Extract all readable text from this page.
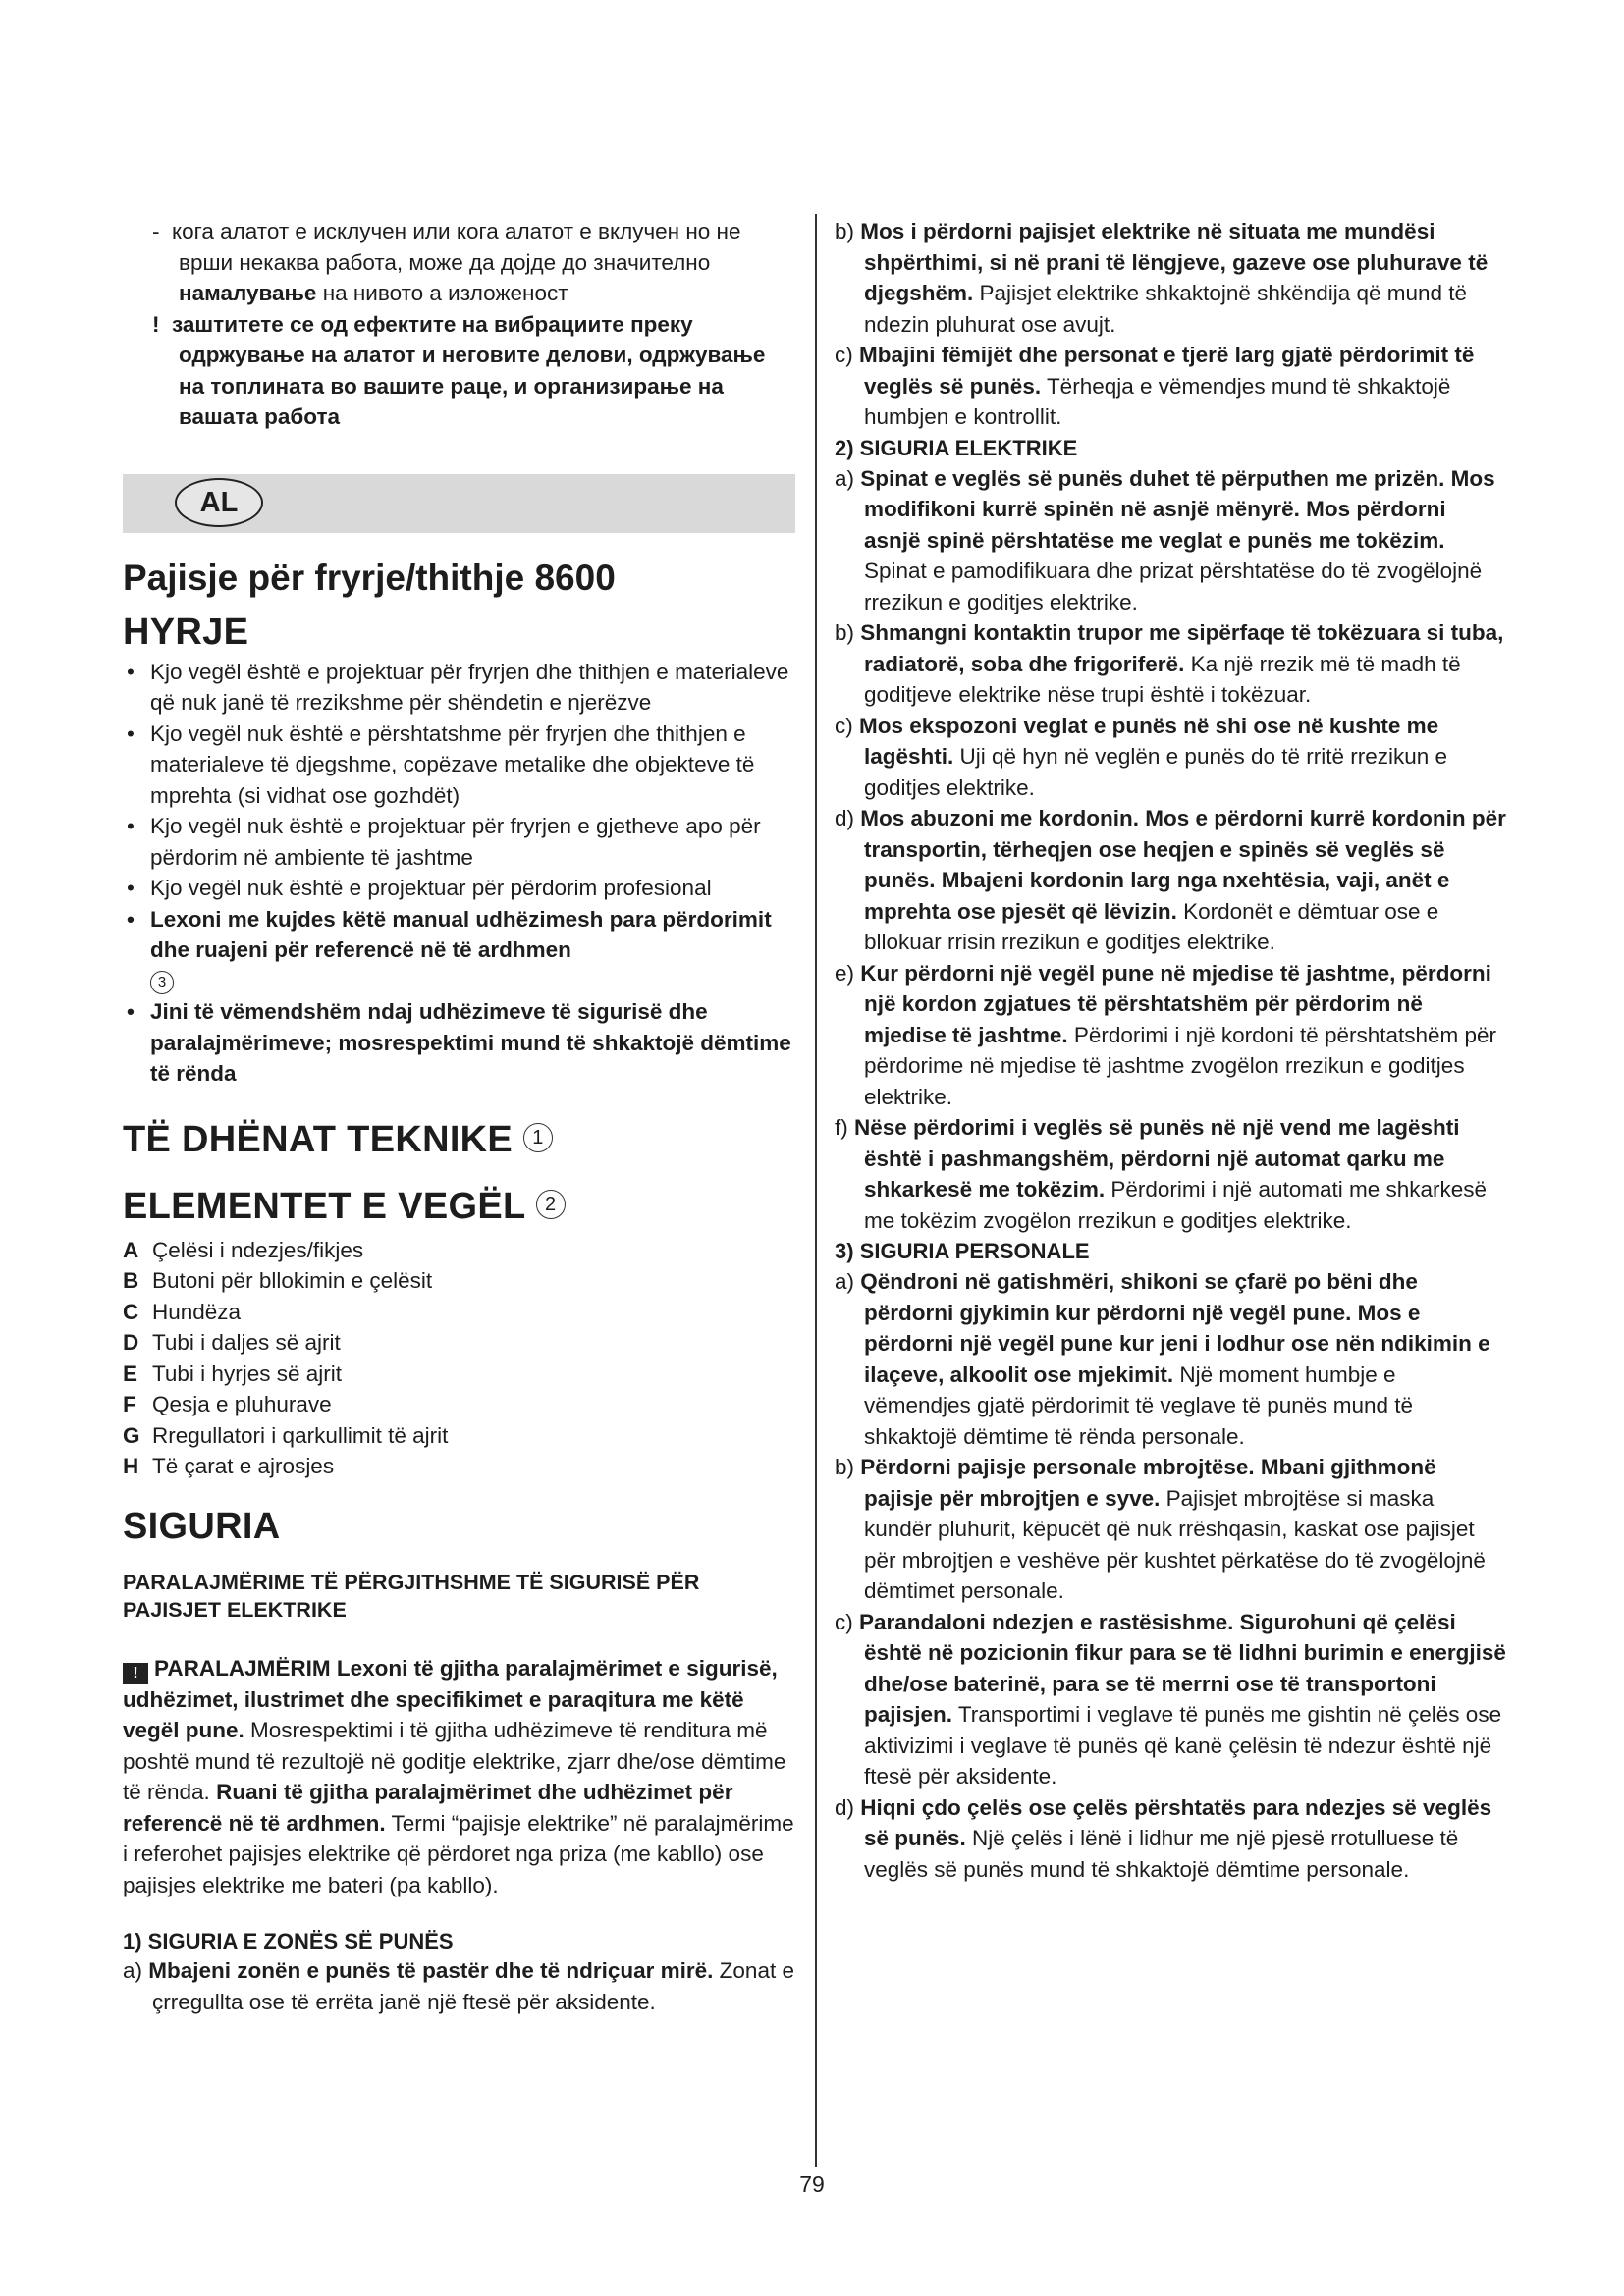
- кога алатот е исклучен или кога алатот е вклучен но не врши некаква работа, може да дојде до значително намалување на нивото а изложеност

! заштитете се од ефектите на вибрациите преку одржување на алатот и неговите делови, одржување на топлината во вашите раце, и организирање на вашата работа

AL
Pajisje për fryrje/thithje 8600
HYRJE
• Kjo vegël është e projektuar për fryrjen dhe thithjen e materialeve që nuk janë të rrezikshme për shëndetin e njerëzve
• Kjo vegël nuk është e përshtatshme për fryrjen dhe thithjen e materialeve të djegshme, copëzave metalike dhe objekteve të mprehta (si vidhat ose gozhdët)
• Kjo vegël nuk është e projektuar për fryrjen e gjetheve apo për përdorim në ambiente të jashtme
• Kjo vegël nuk është e projektuar për përdorim profesional
• Lexoni me kujdes këtë manual udhëzimesh para përdorimit dhe ruajeni për referencë në të ardhmen
3
• Jini të vëmendshëm ndaj udhëzimeve të sigurisë dhe paralajmërimeve; mosrespektimi mund të shkaktojë dëmtime të rënda
TË DHËNAT TEKNIKE 1
ELEMENTET E VEGËL 2
A Çelësi i ndezjes/fikjes
B Butoni për bllokimin e çelësit
C Hundëza
D Tubi i daljes së ajrit
E Tubi i hyrjes së ajrit
F Qesja e pluhurave
G Rregullatori i qarkullimit të ajrit
H Të çarat e ajrosjes
SIGURIA
PARALAJMËRIME TË PËRGJITHSHME TË SIGURISË PËR PAJISJET ELEKTRIKE

! PARALAJMËRIM Lexoni të gjitha paralajmërimet e sigurisë, udhëzimet, ilustrimet dhe specifikimet e paraqitura me këtë vegël pune. Mosrespektimi i të gjitha udhëzimeve të renditura më poshtë mund të rezultojë në goditje elektrike, zjarr dhe/ose dëmtime të rënda. Ruani të gjitha paralajmërimet dhe udhëzimet për referencë në të ardhmen. Termi “pajisje elektrike” në paralajmërime i referohet pajisjes elektrike që përdoret nga priza (me kabllo) ose pajisjes elektrike me bateri (pa kabllo).

1) SIGURIA E ZONËS SË PUNËS

a) Mbajeni zonën e punës të pastër dhe të ndriçuar mirë. Zonat e çrregullta ose të errëta janë një ftesë për aksidente.

b) Mos i përdorni pajisjet elektrike në situata me mundësi shpërthimi, si në prani të lëngjeve, gazeve ose pluhurave të djegshëm. Pajisjet elektrike shkaktojnë shkëndija që mund të ndezin pluhurat ose avujt.

c) Mbajini fëmijët dhe personat e tjerë larg gjatë përdorimit të veglës së punës. Tërheqja e vëmendjes mund të shkaktojë humbjen e kontrollit.

2) SIGURIA ELEKTRIKE

a) Spinat e veglës së punës duhet të përputhen me prizën. Mos modifikoni kurrë spinën në asnjë mënyrë. Mos përdorni asnjë spinë përshtatëse me veglat e punës me tokëzim. Spinat e pamodifikuara dhe prizat përshtatëse do të zvogëlojnë rrezikun e goditjes elektrike.

b) Shmangni kontaktin trupor me sipërfaqe të tokëzuara si tuba, radiatorë, soba dhe frigoriferë. Ka një rrezik më të madh të goditjeve elektrike nëse trupi është i tokëzuar.

c) Mos ekspozoni veglat e punës në shi ose në kushte me lagështi. Uji që hyn në veglën e punës do të rritë rrezikun e goditjes elektrike.

d) Mos abuzoni me kordonin. Mos e përdorni kurrë kordonin për transportin, tërheqjen ose heqjen e spinës së veglës së punës. Mbajeni kordonin larg nga nxehtësia, vaji, anët e mprehta ose pjesët që lëvizin. Kordonët e dëmtuar ose e bllokuar rrisin rrezikun e goditjes elektrike.

e) Kur përdorni një vegël pune në mjedise të jashtme, përdorni një kordon zgjatues të përshtatshëm për përdorim në mjedise të jashtme. Përdorimi i një kordoni të përshtatshëm për përdorime në mjedise të jashtme zvogëlon rrezikun e goditjes elektrike.

f) Nëse përdorimi i veglës së punës në një vend me lagështi është i pashmangshëm, përdorni një automat qarku me shkarkesë me tokëzim. Përdorimi i një automati me shkarkesë me tokëzim zvogëlon rrezikun e goditjes elektrike.

3) SIGURIA PERSONALE

a) Qëndroni në gatishmëri, shikoni se çfarë po bëni dhe përdorni gjykimin kur përdorni një vegël pune. Mos e përdorni një vegël pune kur jeni i lodhur ose nën ndikimin e ilaçeve, alkoolit ose mjekimit. Një moment humbje e vëmendjes gjatë përdorimit të veglave të punës mund të shkaktojë dëmtime të rënda personale.

b) Përdorni pajisje personale mbrojtëse. Mbani gjithmonë pajisje për mbrojtjen e syve. Pajisjet mbrojtëse si maska kundër pluhurit, këpucët që nuk rrëshqasin, kaskat ose pajisjet për mbrojtjen e veshëve për kushtet përkatëse do të zvogëlojnë dëmtimet personale.

c) Parandaloni ndezjen e rastësishme. Sigurohuni që çelësi është në pozicionin fikur para se të lidhni burimin e energjisë dhe/ose baterinë, para se të merrni ose të transportoni pajisjen. Transportimi i veglave të punës me gishtin në çelës ose aktivizimi i veglave të punës që kanë çelësin të ndezur është një ftesë për aksidente.

d) Hiqni çdo çelës ose çelës përshtatës para ndezjes së veglës së punës. Një çelës i lënë i lidhur me një pjesë rrotulluese të veglës së punës mund të shkaktojë dëmtime personale.

79
